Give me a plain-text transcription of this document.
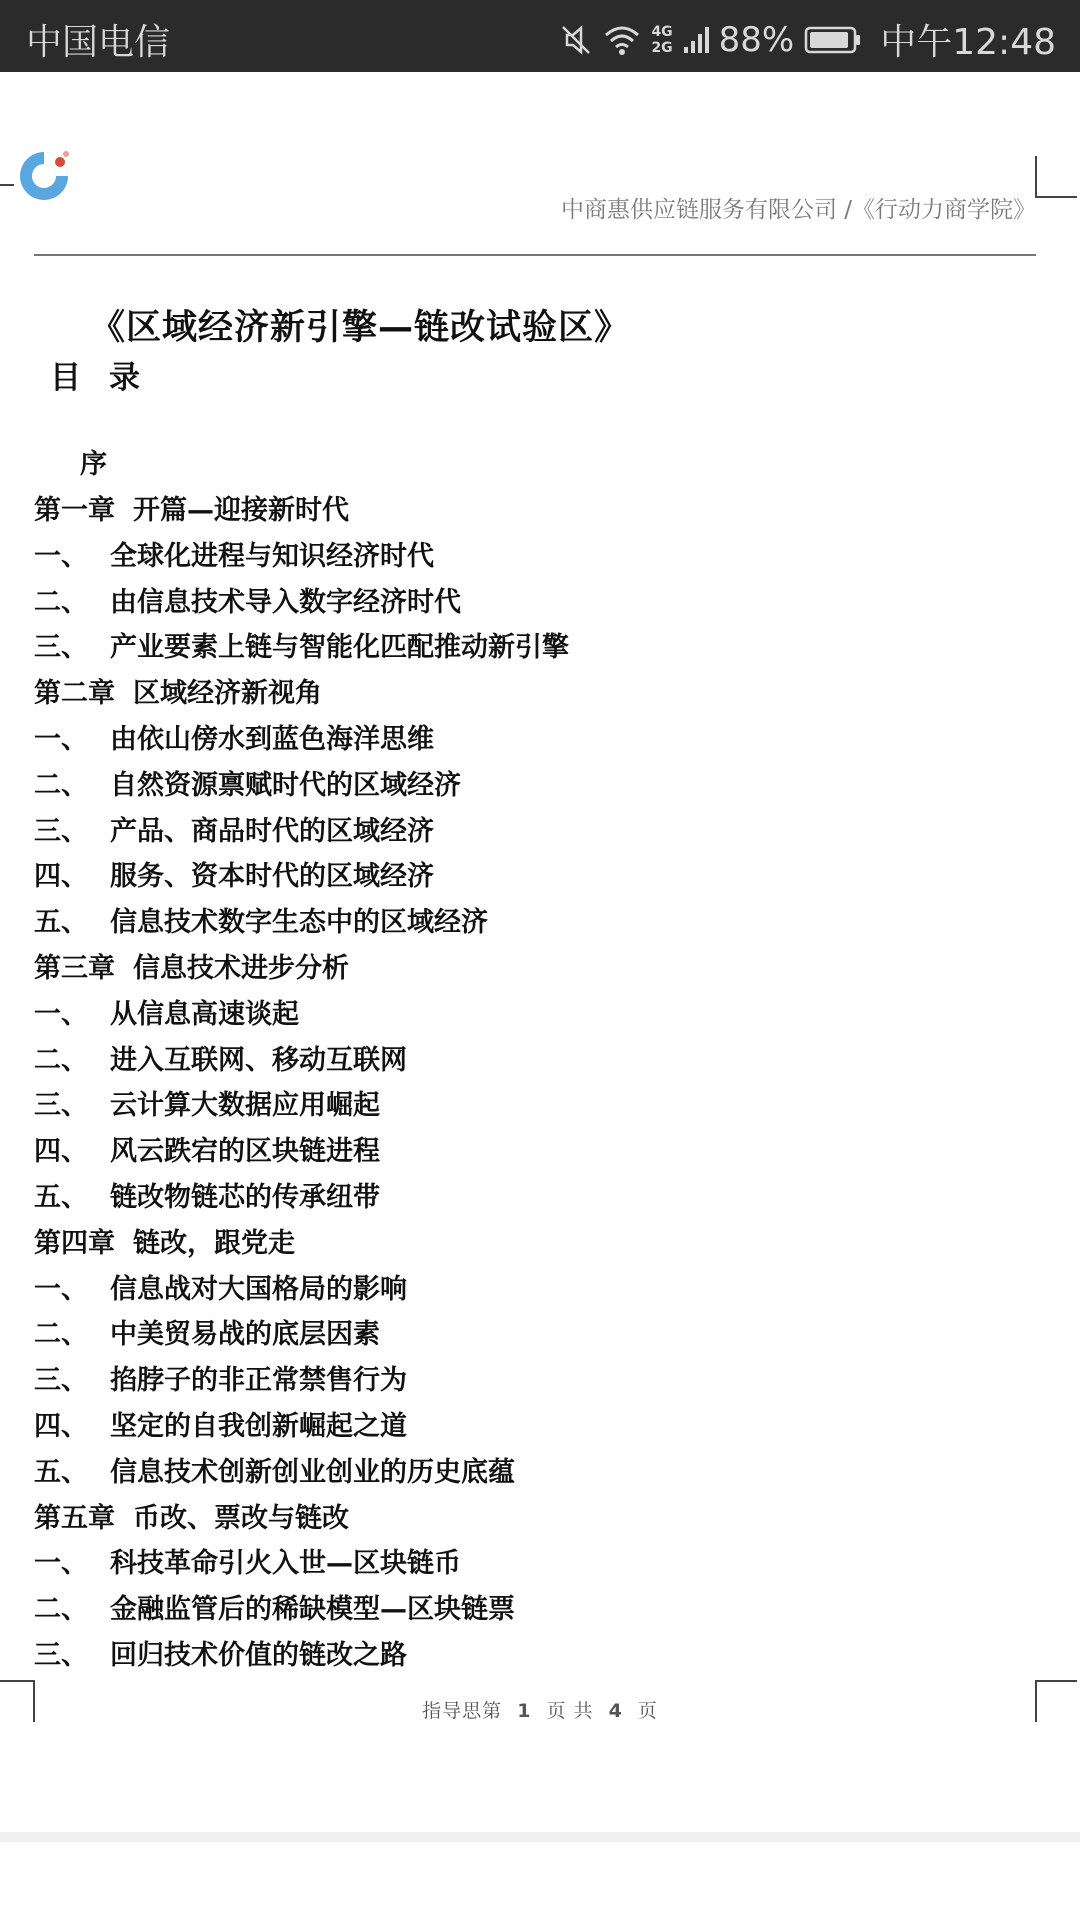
中国电信	4G
2G 88% 中午12:48
中商惠供应链服务有限公司 /《行动力商学院》
《区域经济新引擎—链改试验区》
目录
序
第一章 开篇—迎接新时代
一、 全球化进程与知识经济时代
二、 由信息技术导入数字经济时代
三、 产业要素上链与智能化匹配推动新引擎
第二章 区域经济新视角
一、 由依山傍水到蓝色海洋思维
二、 自然资源禀赋时代的区域经济
三、 产品、商品时代的区域经济
四、 服务、资本时代的区域经济
五、 信息技术数字生态中的区域经济
第三章 信息技术进步分析
一、 从信息高速谈起
二、 进入互联网、移动互联网
三、 云计算大数据应用崛起
四、 风云跌宕的区块链进程
五、 链改物链芯的传承纽带
第四章 链改，跟党走
一、 信息战对大国格局的影响
二、 中美贸易战的底层因素
三、 掐脖子的非正常禁售行为
四、 坚定的自我创新崛起之道
五、 信息技术创新创业创业的历史底蕴
第五章 币改、票改与链改
一、 科技革命引火入世—区块链币
二、 金融监管后的稀缺模型—区块链票
三、 回归技术价值的链改之路
指导思第 1 页 共 4 页
